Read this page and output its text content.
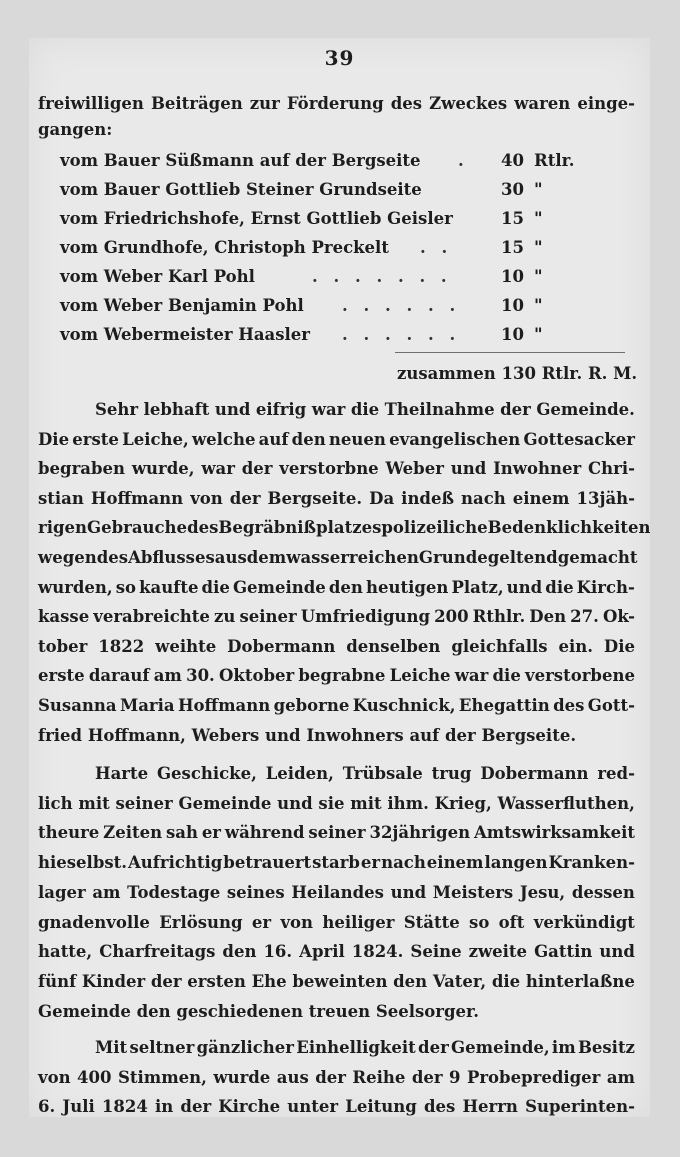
39
freiwilligen Beiträgen zur Förderung des Zweckes waren einge-
gangen:
vom Bauer Süßmann auf der Bergseite .	40 Rtlr.
vom Bauer Gottlieb Steiner Grundseite	30 "
vom Friedrichshofe, Ernst Gottlieb Geisler	15 "
vom Grundhofe, Christoph Preckelt . .	15 "
vom Weber Karl Pohl	. . . . . . .	10 "
vom Weber Benjamin Pohl . . . . . .	10 "
vom Webermeister Haasler . . . . . .	10 "
zusammen 130 Rtlr. R. M.
Sehr lebhaft und eifrig war die Theilnahme der Gemeinde.
Die erste Leiche, welche auf den neuen evangelischen Gottesacker
begraben wurde, war der verstorbne Weber und Inwohner Chri-
stian Hoffmann von der Bergseite. Da indeß nach einem 13jäh-
rigen Gebrauche des Begräbnißplatzes polizeiliche Bedenklichkeiten
wegen des Abflusses aus dem wasserreichen Grunde geltend gemacht
wurden, so kaufte die Gemeinde den heutigen Platz, und die Kirch-
kasse verabreichte zu seiner Umfriedigung 200 Rthlr. Den 27. Ok-
tober 1822 weihte Dobermann denselben gleichfalls ein. Die
erste darauf am 30. Oktober begrabne Leiche war die verstorbene
Susanna Maria Hoffmann geborne Kuschnick, Ehegattin des Gott-
fried Hoffmann, Webers und Inwohners auf der Bergseite.
Harte Geschicke, Leiden, Trübsale trug Dobermann red-
lich mit seiner Gemeinde und sie mit ihm. Krieg, Wasserfluthen,
theure Zeiten sah er während seiner 32jährigen Amtswirksamkeit
hieselbst. Aufrichtig betrauert starb er nach einem langen Kranken-
lager am Todestage seines Heilandes und Meisters Jesu, dessen
gnadenvolle Erlösung er von heiliger Stätte so oft verkündigt
hatte, Charfreitags den 16. April 1824. Seine zweite Gattin und
fünf Kinder der ersten Ehe beweinten den Vater, die hinterlaßne
Gemeinde den geschiedenen treuen Seelsorger.
Mit seltner gänzlicher Einhelligkeit der Gemeinde, im Besitz
von 400 Stimmen, wurde aus der Reihe der 9 Probeprediger am
6. Juli 1824 in der Kirche unter Leitung des Herrn Superinten-
